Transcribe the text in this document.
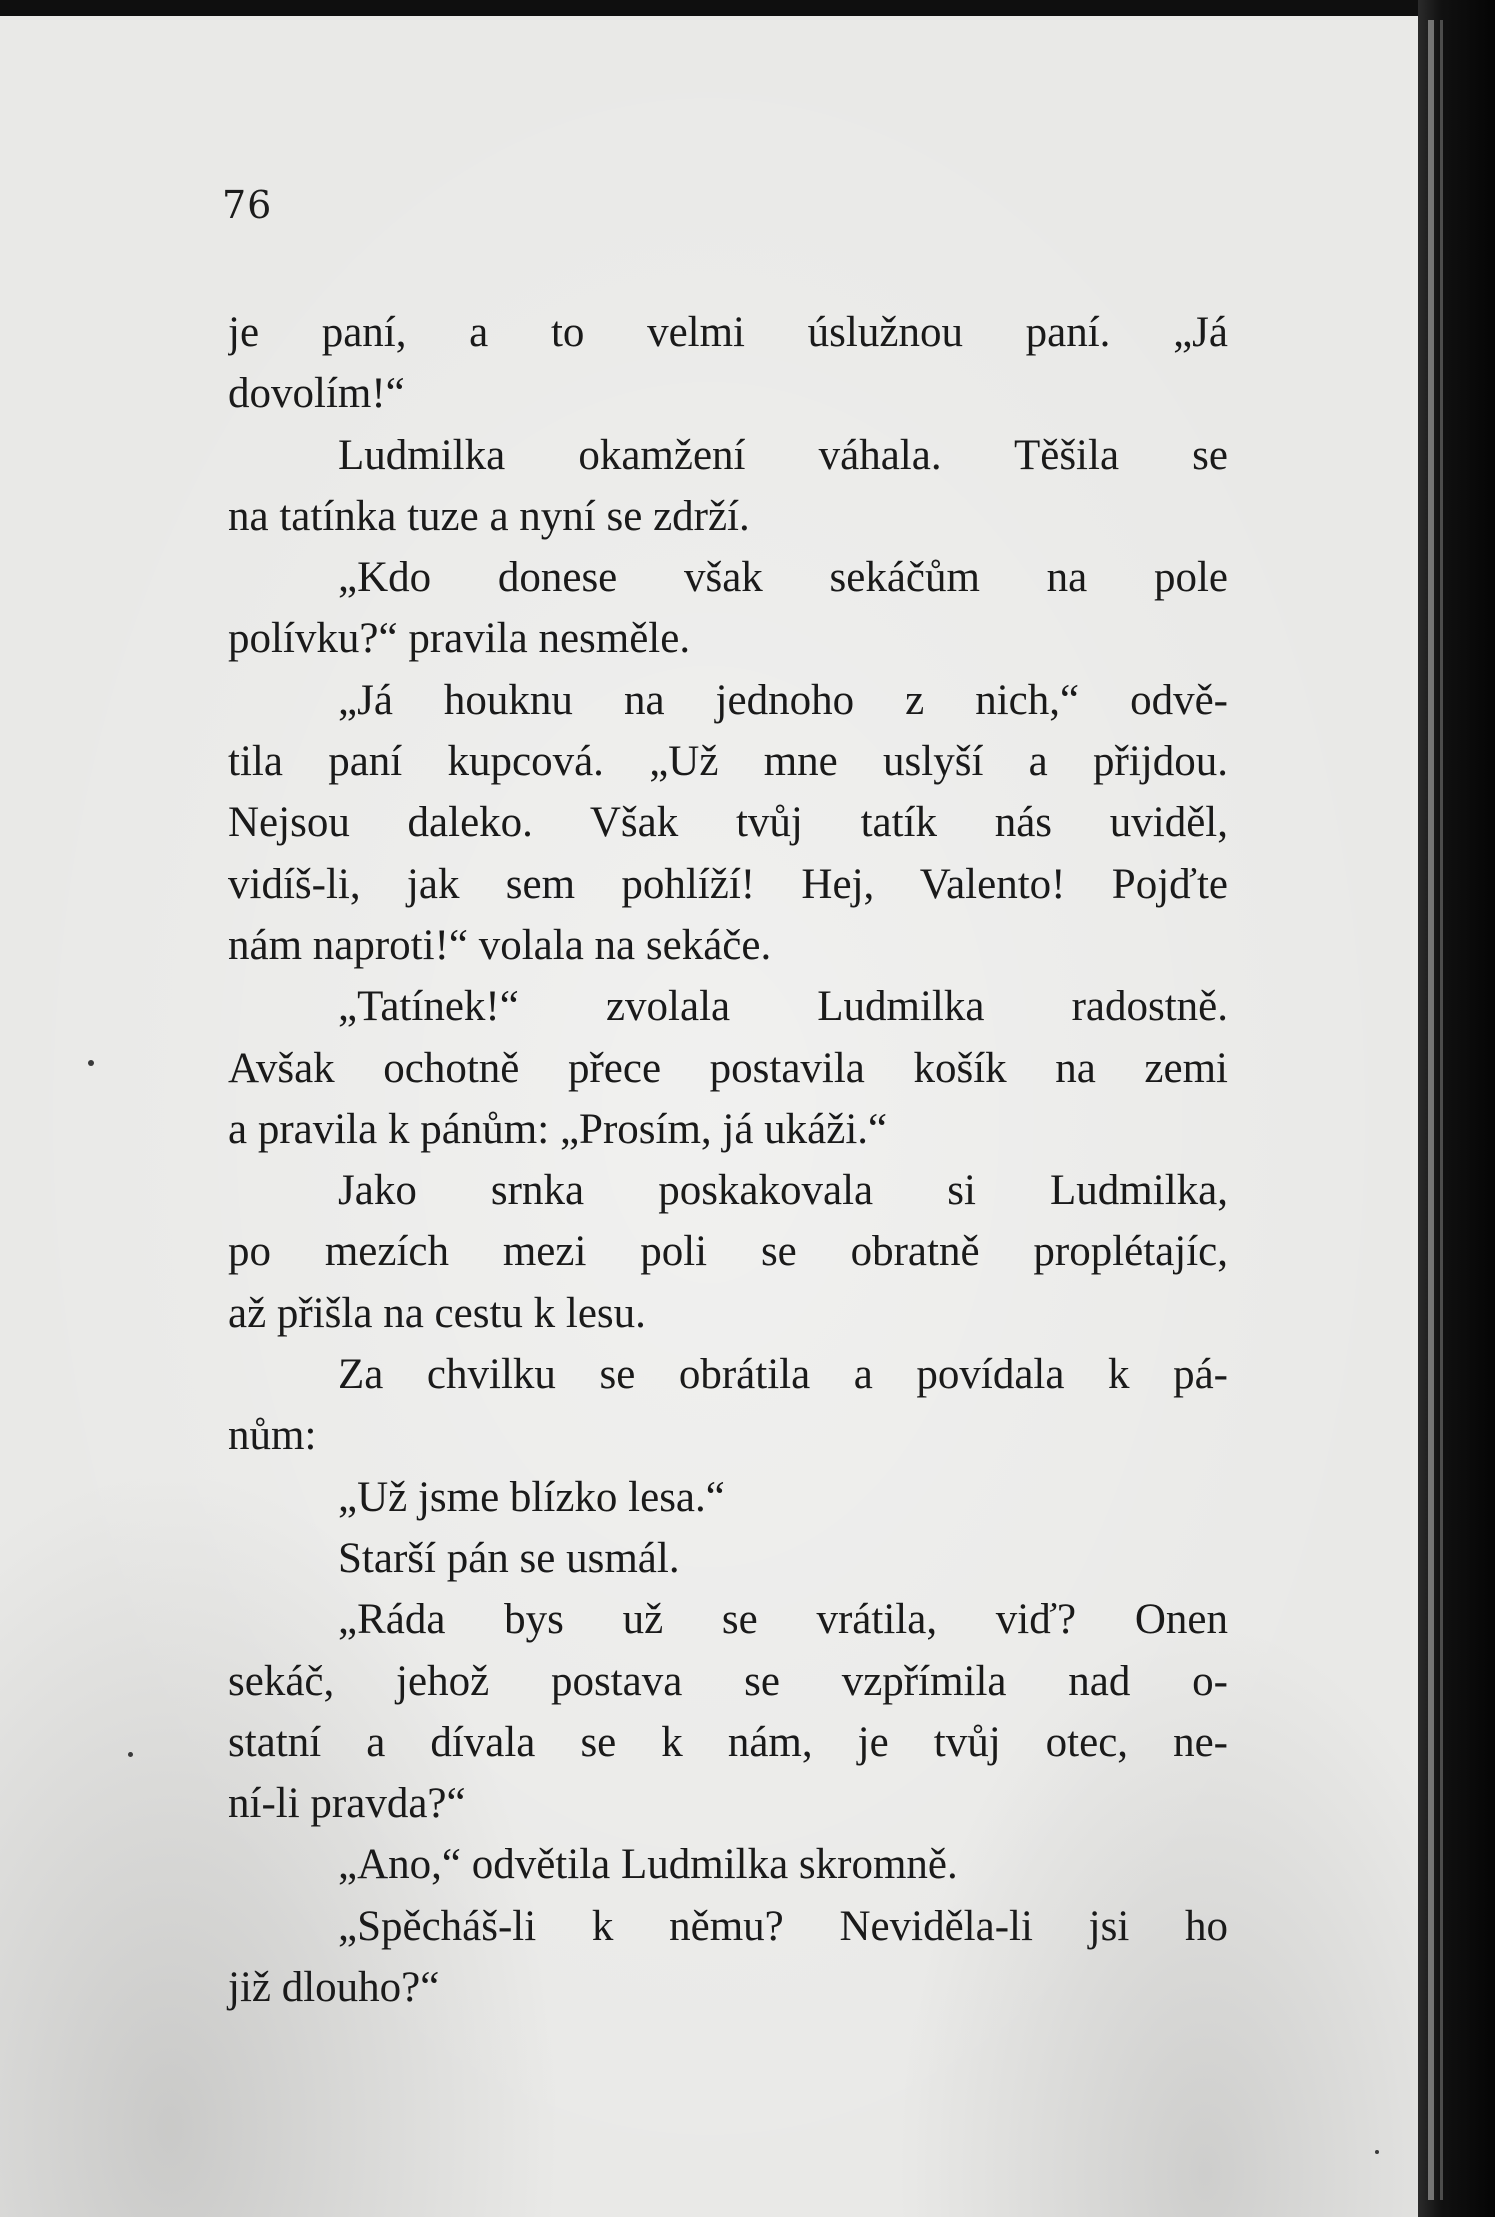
76
je paní, a to velmi úslužnou paní. „Já
dovolím!“
Ludmilka okamžení váhala. Těšila se
na tatínka tuze a nyní se zdrží.
„Kdo donese však sekáčům na pole
polívku?“ pravila nesměle.
„Já houknu na jednoho z nich,“ odvě-
tila paní kupcová. „Už mne uslyší a přijdou.
Nejsou daleko. Však tvůj tatík nás uviděl,
vidíš-li, jak sem pohlíží! Hej, Valento! Pojďte
nám naproti!“ volala na sekáče.
„Tatínek!“ zvolala Ludmilka radostně.
Avšak ochotně přece postavila košík na zemi
a pravila k pánům: „Prosím, já ukáži.“
Jako srnka poskakovala si Ludmilka,
po mezích mezi poli se obratně proplétajíc,
až přišla na cestu k lesu.
Za chvilku se obrátila a povídala k pá-
nům:
„Už jsme blízko lesa.“
Starší pán se usmál.
„Ráda bys už se vrátila, viď? Onen
sekáč, jehož postava se vzpřímila nad o-
statní a dívala se k nám, je tvůj otec, ne-
ní-li pravda?“
„Ano,“ odvětila Ludmilka skromně.
„Spěcháš-li k němu? Neviděla-li jsi ho
již dlouho?“
